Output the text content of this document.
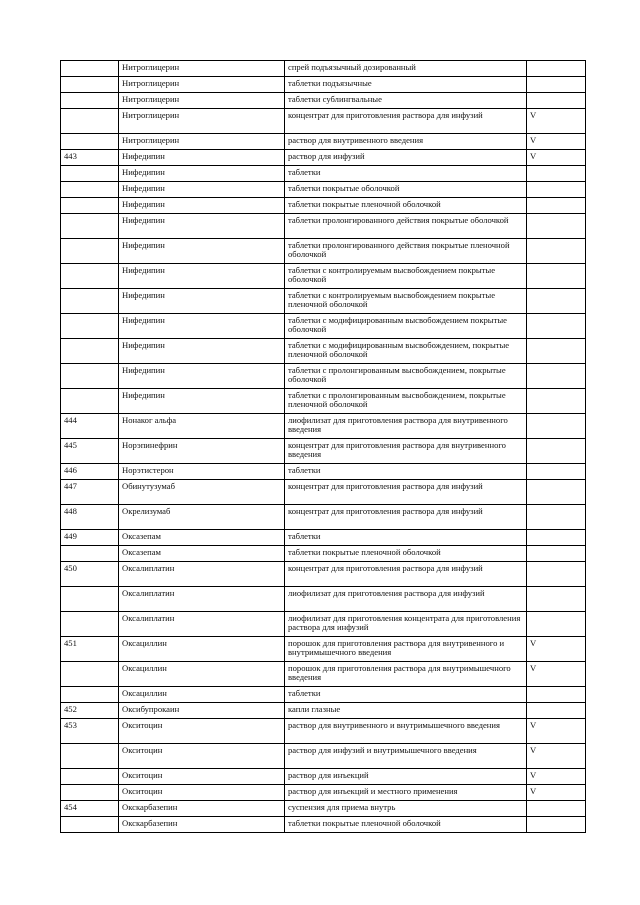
	Нитроглицерин	спрей подъязычный дозированный	
	Нитроглицерин	таблетки подъязычные	
	Нитроглицерин	таблетки сублингвальные	
	Нитроглицерин	концентрат для приготовления раствора для инфузий	V
	Нитроглицерин	раствор для внутривенного введения	V
443	Нифедипин	раствор для инфузий	V
	Нифедипин	таблетки	
	Нифедипин	таблетки покрытые оболочкой	
	Нифедипин	таблетки покрытые пленочной оболочкой	
	Нифедипин	таблетки пролонгированного действия покрытые оболочкой	
	Нифедипин	таблетки пролонгированного действия покрытые пленочной оболочкой	
	Нифедипин	таблетки с контролируемым высвобождением покрытые оболочкой	
	Нифедипин	таблетки с контролируемым высвобождением покрытые пленочной оболочкой	
	Нифедипин	таблетки с модифицированным высвобождением покрытые оболочкой	
	Нифедипин	таблетки с модифицированным высвобождением, покрытые пленочной оболочкой	
	Нифедипин	таблетки с пролонгированным высвобождением, покрытые оболочкой	
	Нифедипин	таблетки с пролонгированным высвобождением, покрытые пленочной оболочкой	
444	Нонаког альфа	лиофилизат для приготовления раствора для внутривенного введения	
445	Норэпинефрин	концентрат для приготовления раствора для внутривенного введения	
446	Норэтистерон	таблетки	
447	Обинутузумаб	концентрат для приготовления раствора для инфузий	
448	Окрелизумаб	концентрат для приготовления раствора для инфузий	
449	Оксазепам	таблетки	
	Оксазепам	таблетки покрытые пленочной оболочкой	
450	Оксалиплатин	концентрат для приготовления раствора для инфузий	
	Оксалиплатин	лиофилизат для приготовления раствора для инфузий	
	Оксалиплатин	лиофилизат для приготовления концентрата для приготовления раствора для инфузий	
451	Оксациллин	порошок для приготовления раствора для внутривенного и внутримышечного введения	V
	Оксациллин	порошок для приготовления раствора для внутримышечного введения	V
	Оксациллин	таблетки	
452	Оксибупрокаин	капли глазные	
453	Окситоцин	раствор для внутривенного и внутримышечного введения	V
	Окситоцин	раствор для инфузий и внутримышечного введения	V
	Окситоцин	раствор для инъекций	V
	Окситоцин	раствор для инъекций и местного применения	V
454	Окскарбазепин	суспензия для приема внутрь	
	Окскарбазепин	таблетки покрытые пленочной оболочкой	
